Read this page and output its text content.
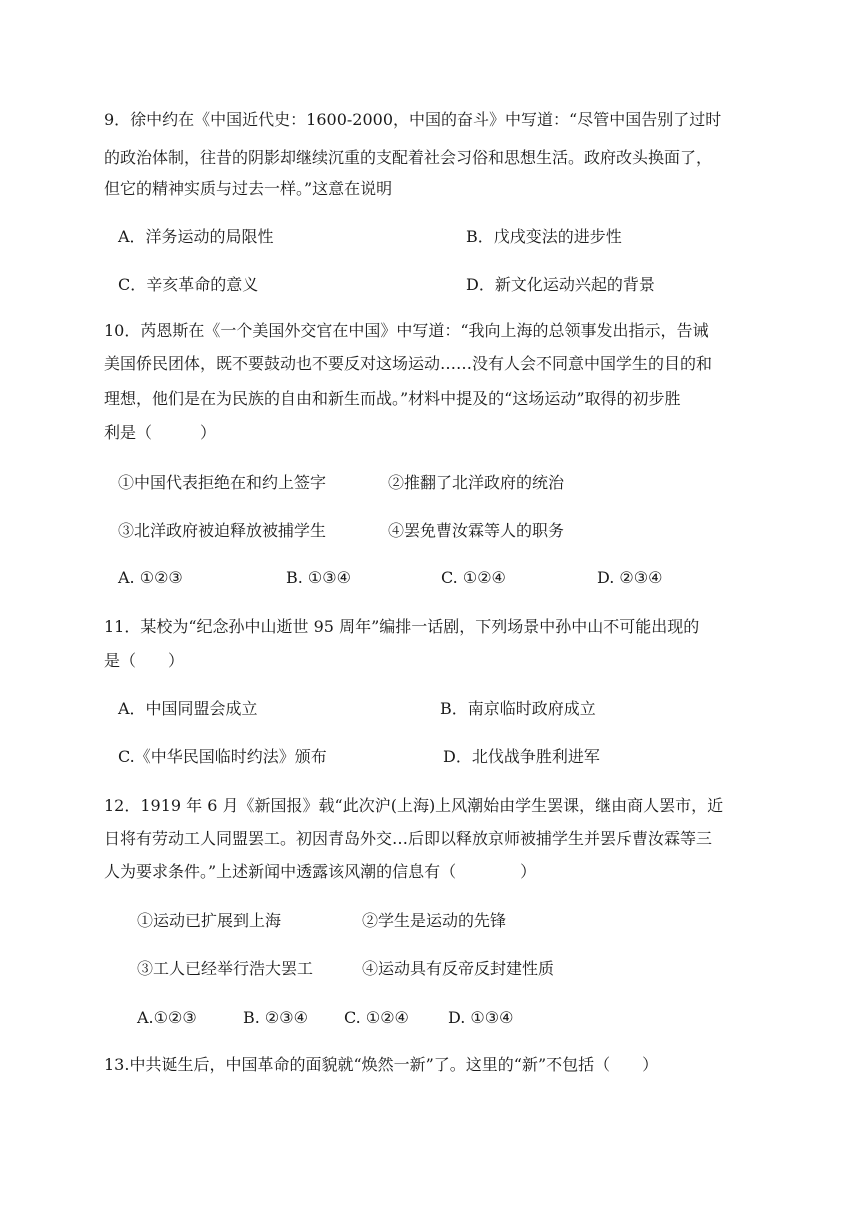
9．徐中约在《中国近代史：1600-2000，中国的奋斗》中写道：“尽管中国告别了过时
的政治体制，往昔的阴影却继续沉重的支配着社会习俗和思想生活。政府改头换面了，
但它的精神实质与过去一样。”这意在说明
A．洋务运动的局限性	B．戊戌变法的进步性
C．辛亥革命的意义	D．新文化运动兴起的背景
10．芮恩斯在《一个美国外交官在中国》中写道：“我向上海的总领事发出指示，告诫
美国侨民团体，既不要鼓动也不要反对这场运动……没有人会不同意中国学生的目的和
理想，他们是在为民族的自由和新生而战。”材料中提及的“这场运动”取得的初步胜
利是（　　　）
①中国代表拒绝在和约上签字	②推翻了北洋政府的统治
③北洋政府被迫释放被捕学生	④罢免曹汝霖等人的职务
A. ①②③	B. ①③④	C. ①②④	D. ②③④
11．某校为“纪念孙中山逝世 95 周年”编排一话剧，下列场景中孙中山不可能出现的
是（　　）
A．中国同盟会成立	B．南京临时政府成立
C.《中华民国临时约法》颁布	D．北伐战争胜利进军
12．1919 年 6 月《新国报》载“此次沪(上海)上风潮始由学生罢课，继由商人罢市，近
日将有劳动工人同盟罢工。初因青岛外交…后即以释放京师被捕学生并罢斥曹汝霖等三
人为要求条件。”上述新闻中透露该风潮的信息有（　　　　）
①运动已扩展到上海	②学生是运动的先锋
③工人已经举行浩大罢工	④运动具有反帝反封建性质
A.①②③	B. ②③④ C. ①②④ D. ①③④
13.中共诞生后，中国革命的面貌就“焕然一新”了。这里的“新”不包括（　　）
